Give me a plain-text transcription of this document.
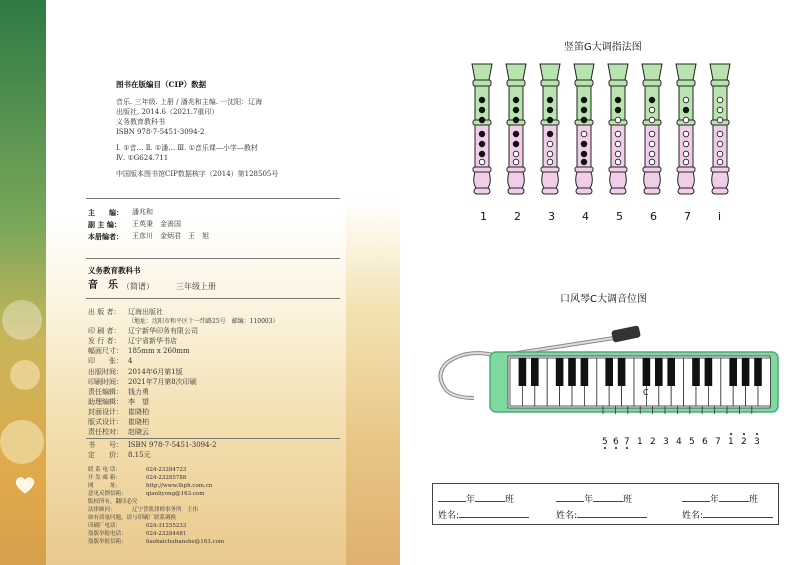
图书在版编目（CIP）数据
音乐. 三年级. 上册 / 潘兆和主编. 一沈阳：辽海
出版社, 2014.6（2021.7重印）
义务教育教科书
ISBN 978-7-5451-3094-2
Ⅰ. ①音… Ⅱ. ①潘… Ⅲ. ①音乐课—小学—教材
Ⅳ. ①G624.711
中国版本图书馆CIP数据核字（2014）第128505号
主　　编： 潘兆和
副 主 编： 王英秉　金善国
本册编者： 王彦川　金炳君　王　旭
义务教育教科书
音　乐 （简谱）	三年级上册
出 版 者： 辽海出版社
（地址：沈阳市和平区十一纬路25号　邮编：110003）
印 刷 者： 辽宁新华印务有限公司
发 行 者： 辽宁省新华书店
幅面尺寸： 185mm x 260mm
印　　张： 4
出版时间： 2014年6月第1版
印刷时间： 2021年7月第8次印刷
责任编辑： 钱力勇
助理编辑： 李　望
封面设计： 崔晓柏
版式设计： 崔晓柏
责任校对： 赵晓云
书　　号： ISBN 978-7-5451-3094-2
定　　价： 8.15元
联 系 电 话：	024-23284723
开 发 邮 箱：	024-23285788
网　　　址：	http://www.lhph.com.cn
意见反馈信箱：	qianliyong@163.com
版权所有，翻印必究
法律顾问：	辽宁普凯律师事务所　王伟
如有质量问题，请与印刷厂联系调换
印刷厂电话：	024-31255233
盗版举报电话：	024-23284481
盗版举报信箱：	liaobaichubanshe@163.com
竖笛G大调指法图
1 2 3 4 5 6 7 i
口风琴C大调音位图
C
5 6 7 1 2 3 4 5 6 7 1 2 3
年	班	年	班	年	班
姓名:	姓名:	姓名:
